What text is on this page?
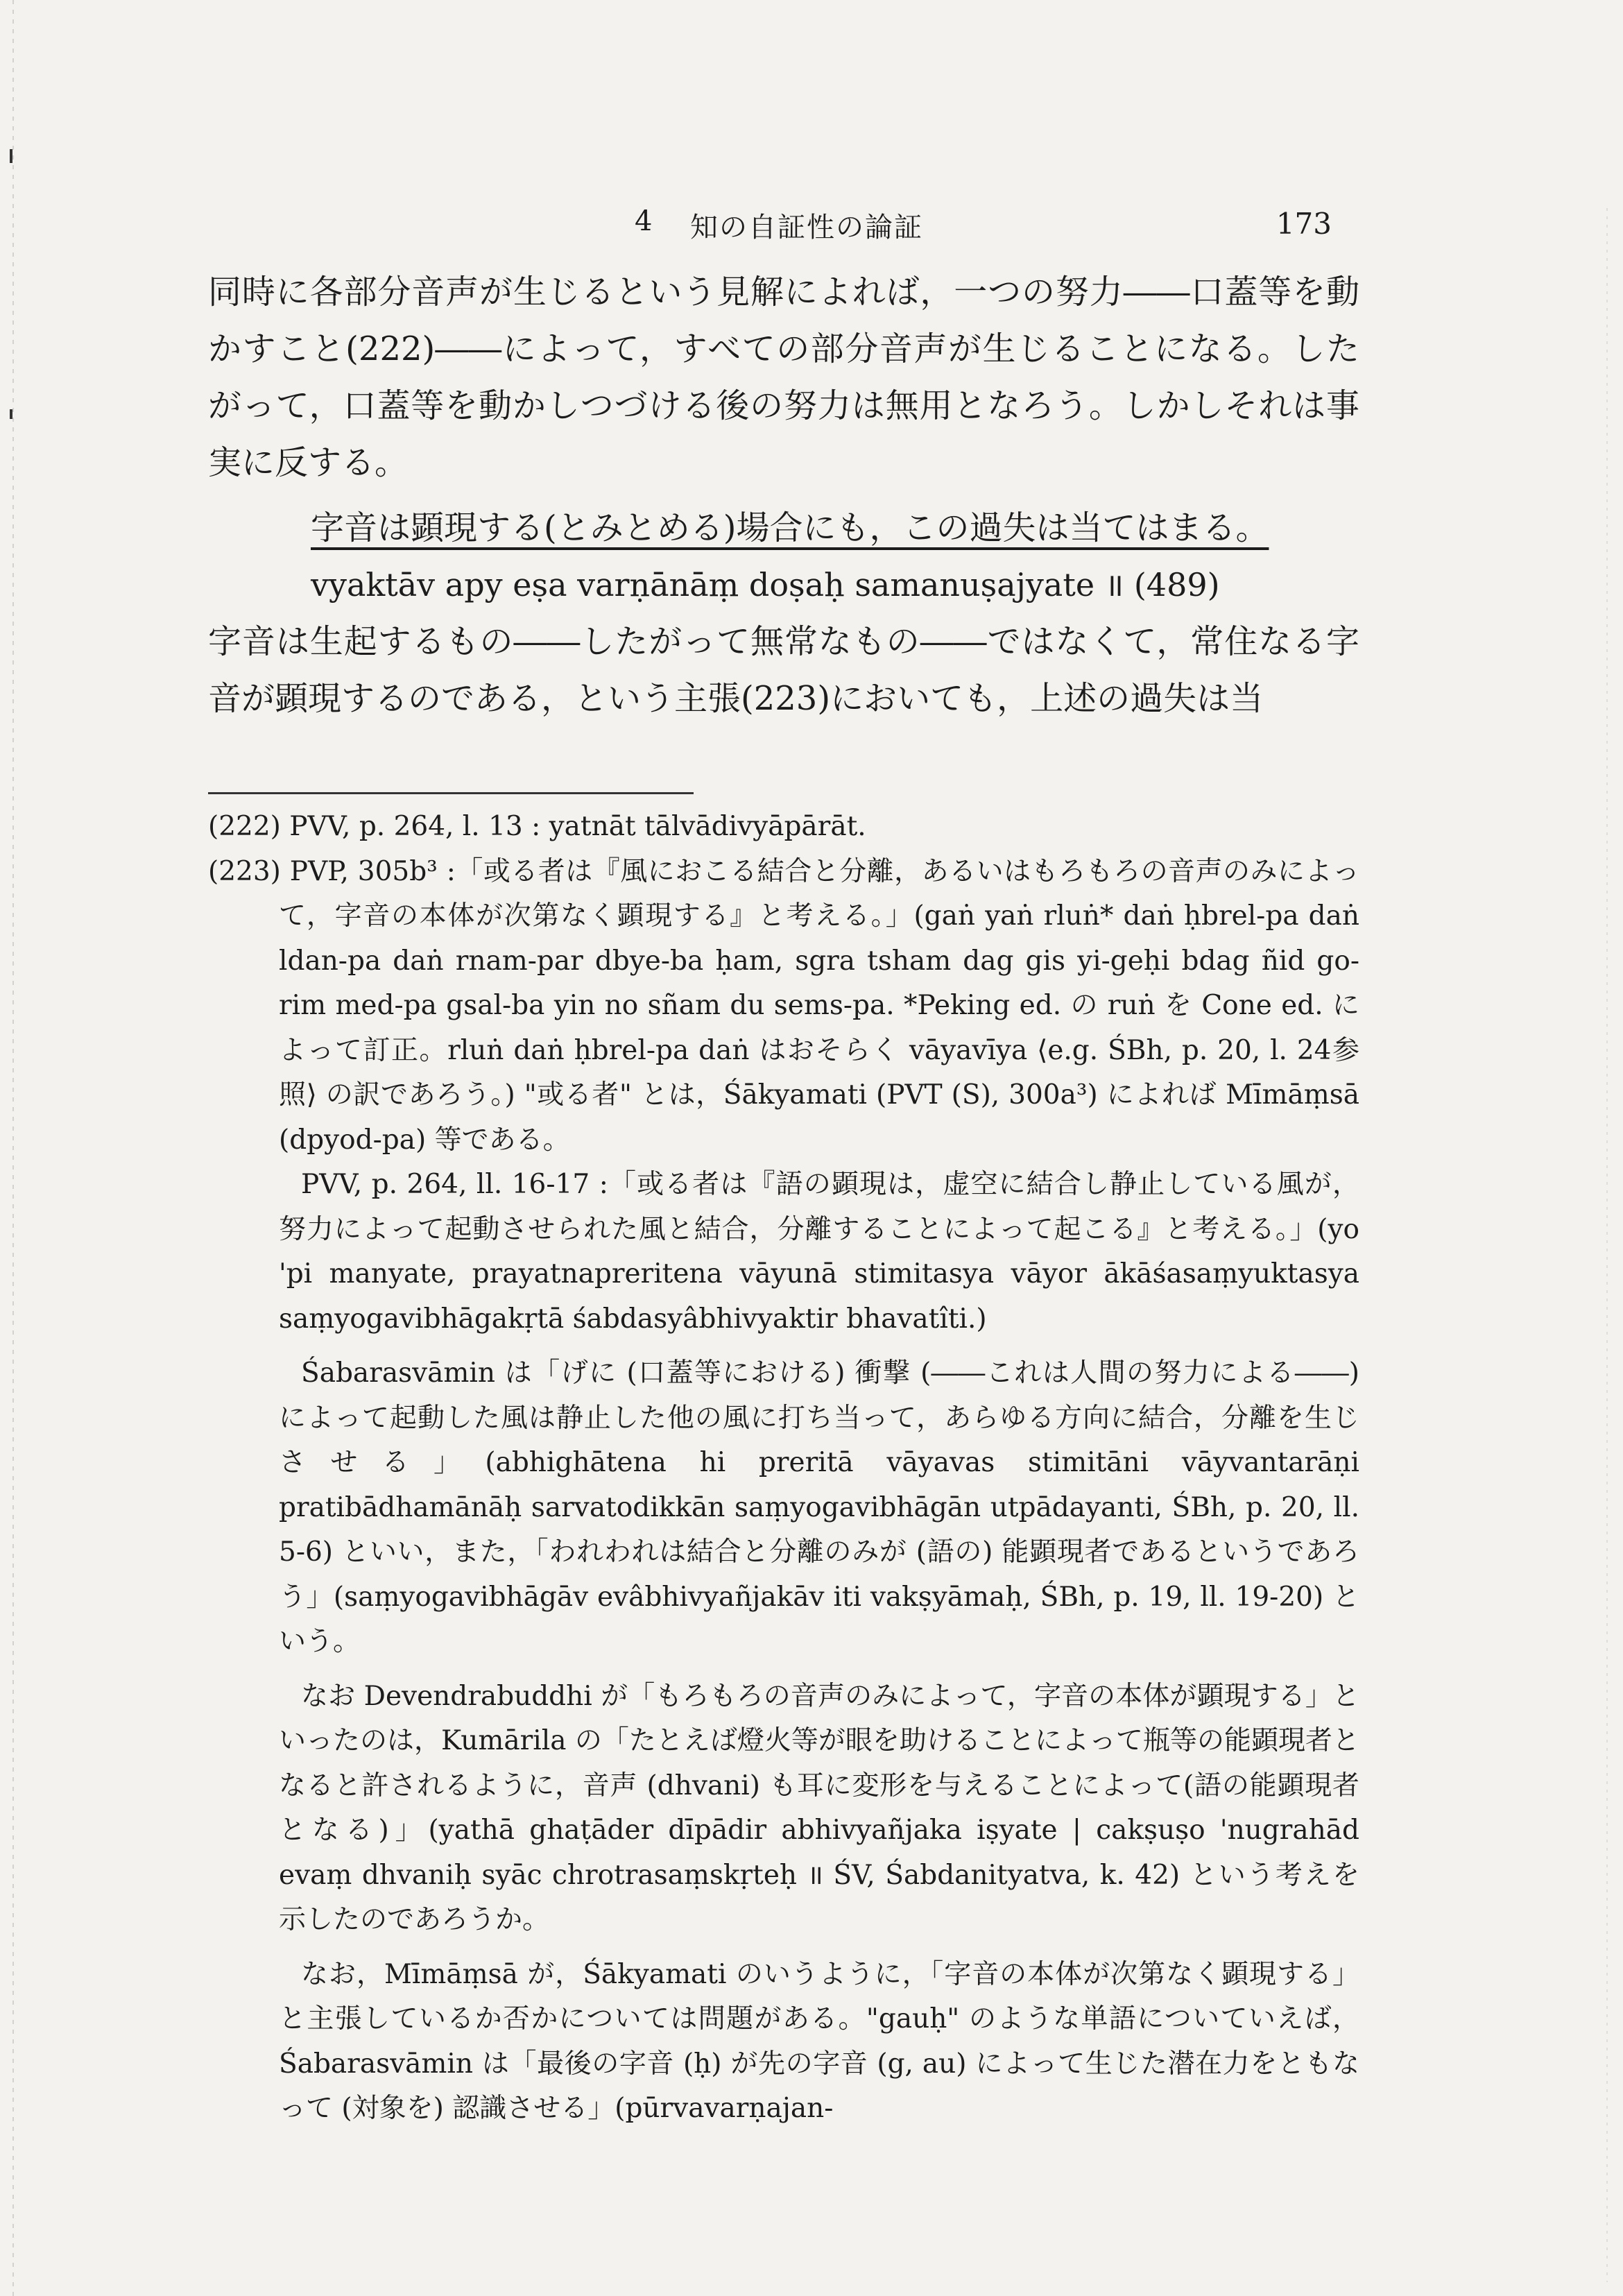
4 知の自証性の論証	173

同時に各部分音声が生じるという見解によれば，一つの努力――口蓋等を動かすこと(222)――によって，すべての部分音声が生じることになる。したがって，口蓋等を動かしつづける後の努力は無用となろう。しかしそれは事実に反する。

字音は顕現する(とみとめる)場合にも，この過失は当てはまる。

vyaktāv apy eṣa varṇānāṃ doṣaḥ samanuṣajyate ॥ (489)

字音は生起するもの――したがって無常なもの――ではなくて，常住なる字音が顕現するのである，という主張(223)においても，上述の過失は当

(222) PVV, p. 264, l. 13 : yatnāt tālvādivyāpārāt.

(223) PVP, 305b³ :「或る者は『風におこる結合と分離，あるいはもろもろの音声のみによって，字音の本体が次第なく顕現する』と考える。」(gaṅ yaṅ rluṅ* daṅ ḥbrel-pa daṅ ldan-pa daṅ rnam-par dbye-ba ḥam, sgra tsham dag gis yi-geḥi bdag ñid go-rim med-pa gsal-ba yin no sñam du sems-pa. *Peking ed. の ruṅ を Cone ed. によって訂正。rluṅ daṅ ḥbrel-pa daṅ はおそらく vāyavīya ⟨e.g. ŚBh, p. 20, l. 24参照⟩ の訳であろう。) "或る者" とは，Śākyamati (PVT (S), 300a³) によれば Mīmāṃsā (dpyod-pa) 等である。

PVV, p. 264, ll. 16-17 :「或る者は『語の顕現は，虚空に結合し静止している風が，努力によって起動させられた風と結合，分離することによって起こる』と考える。」(yo 'pi manyate, prayatnapreritena vāyunā stimitasya vāyor ākāśasaṃyuktasya saṃyogavibhāgakṛtā śabdasyâbhivyaktir bhavatîti.)

Śabarasvāmin は「げに (口蓋等における) 衝撃 (――これは人間の努力による――) によって起動した風は静止した他の風に打ち当って，あらゆる方向に結合，分離を生じさせる」(abhighātena hi preritā vāyavas stimitāni vāyvantarāṇi pratibādhamānāḥ sarvatodikkān saṃyogavibhāgān utpādayanti, ŚBh, p. 20, ll. 5-6) といい，また，「われわれは結合と分離のみが (語の) 能顕現者であるというであろう」(saṃyogavibhāgāv evâbhivyañjakāv iti vakṣyāmaḥ, ŚBh, p. 19, ll. 19-20) という。

なお Devendrabuddhi が「もろもろの音声のみによって，字音の本体が顕現する」といったのは，Kumārila の「たとえば燈火等が眼を助けることによって瓶等の能顕現者となると許されるように，音声 (dhvani) も耳に変形を与えることによって(語の能顕現者となる)」(yathā ghaṭāder dīpādir abhivyañjaka iṣyate | cakṣuṣo 'nugrahād evaṃ dhvaniḥ syāc chrotrasaṃskṛteḥ ॥ ŚV, Śabdanityatva, k. 42) という考えを示したのであろうか。

なお，Mīmāṃsā が，Śākyamati のいうように，「字音の本体が次第なく顕現する」と主張しているか否かについては問題がある。"gauḥ" のような単語についていえば，Śabarasvāmin は「最後の字音 (ḥ) が先の字音 (g, au) によって生じた潜在力をともなって (対象を) 認識させる」(pūrvavarṇajan-
